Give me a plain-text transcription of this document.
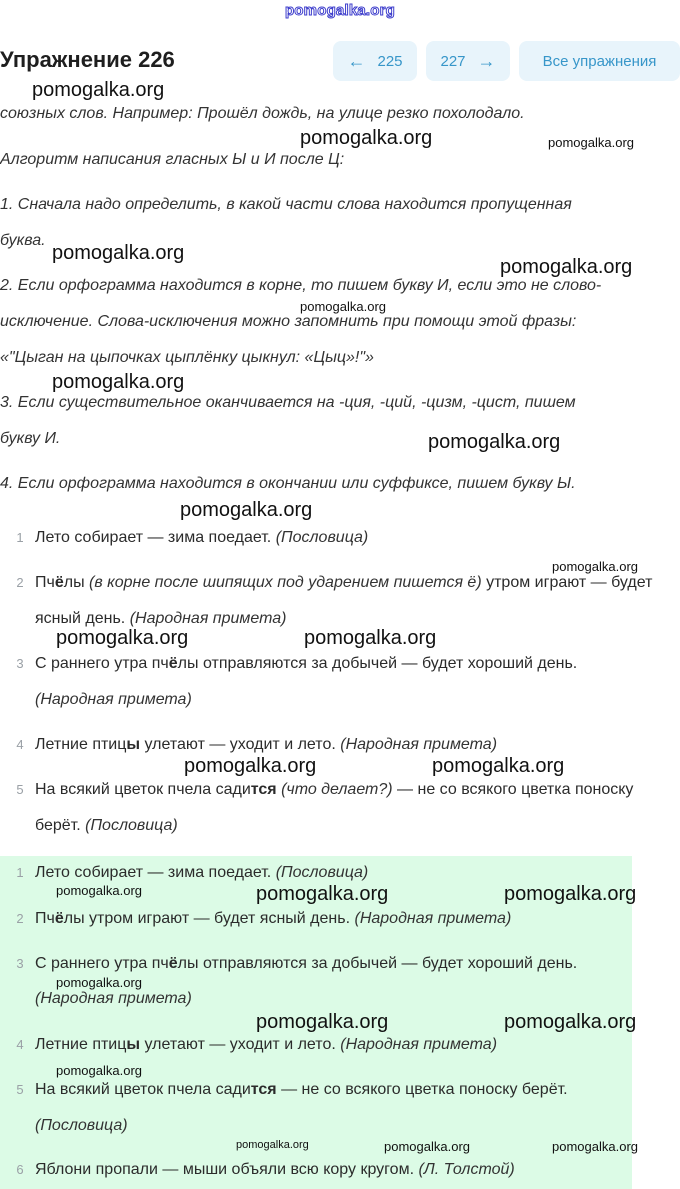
pomogalka.org
Упражнение 226	← 225	227 →	Все упражнения

союзных слов. Например: Прошёл дождь, на улице резко похолодало.

Алгоритм написания гласных Ы и И после Ц:

1. Сначала надо определить, в какой части слова находится пропущенная

буква.

2. Если орфограмма находится в корне, то пишем букву И, если это не слово-

исключение. Слова-исключения можно запомнить при помощи этой фразы:

«"Цыган на цыпочках цыплёнку цыкнул: «Цыц»!"»

3. Если существительное оканчивается на -ция, -ций, -цизм, -цист, пишем

букву И.

4. Если орфограмма находится в окончании или суффиксе, пишем букву Ы.

1 Лето собирает — зима поедает. (Пословица)

2 Пчёлы (в корне после шипящих под ударением пишется ё) утром играют — будет ясный день. (Народная примета)

3 С раннего утра пчёлы отправляются за добычей — будет хороший день. (Народная примета)

4 Летние птицы улетают — уходит и лето. (Народная примета)

5 На всякий цветок пчела садится (что делает?) — не со всякого цветка поноску берёт. (Пословица)

1 Лето собирает — зима поедает. (Пословица)

2 Пчёлы утром играют — будет ясный день. (Народная примета)

3 С раннего утра пчёлы отправляются за добычей — будет хороший день. (Народная примета)

4 Летние птицы улетают — уходит и лето. (Народная примета)

5 На всякий цветок пчела садится — не со всякого цветка поноску берёт. (Пословица)

6 Яблони пропали — мыши объяли всю кору кругом. (Л. Толстой)

pomogalka.org
pomogalka.org	pomogalka.org
pomogalka.org
pomogalka.org
pomogalka.org
pomogalka.org
pomogalka.org
pomogalka.org
pomogalka.org
pomogalka.org	pomogalka.org
pomogalka.org	pomogalka.org
pomogalka.org	pomogalka.org	pomogalka.org
pomogalka.org
pomogalka.org	pomogalka.org
pomogalka.org
pomogalka.org	pomogalka.org	pomogalka.org
